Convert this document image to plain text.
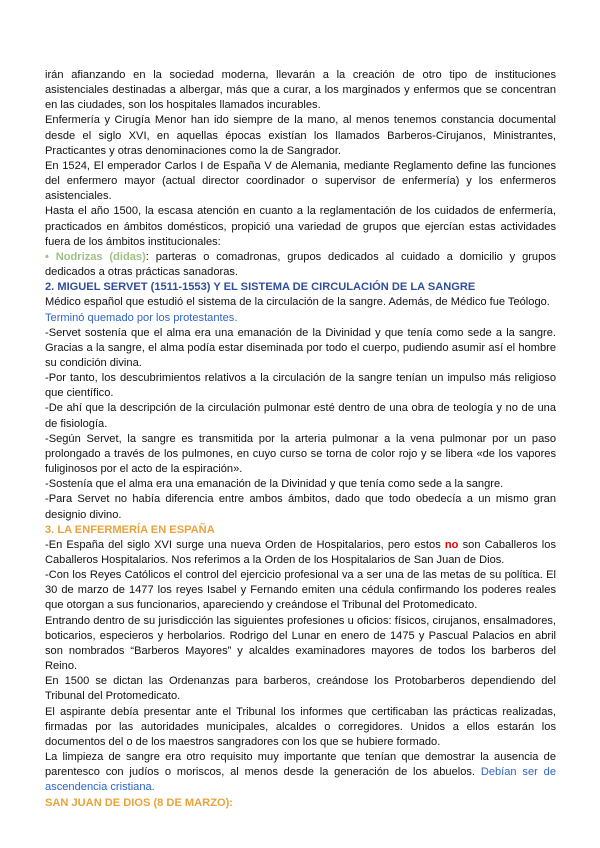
irán afianzando en la sociedad moderna, llevarán a la creación de otro tipo de instituciones asistenciales destinadas a albergar, más que a curar, a los marginados y enfermos que se concentran en las ciudades, son los hospitales llamados incurables.

Enfermería y Cirugía Menor han ido siempre de la mano, al menos tenemos constancia documental desde el siglo XVI, en aquellas épocas existían los llamados Barberos-Cirujanos, Ministrantes, Practicantes y otras denominaciones como la de Sangrador.

En 1524, El emperador Carlos I de España V de Alemania, mediante Reglamento define las funciones del enfermero mayor (actual director coordinador o supervisor de enfermería) y los enfermeros asistenciales.

Hasta el año 1500, la escasa atención en cuanto a la reglamentación de los cuidados de enfermería, practicados en ámbitos domésticos, propició una variedad de grupos que ejercían estas actividades fuera de los ámbitos institucionales:

• Nodrizas (didas): parteras o comadronas, grupos dedicados al cuidado a domicilio y grupos dedicados a otras prácticas sanadoras.

2. MIGUEL SERVET (1511-1553) Y EL SISTEMA DE CIRCULACIÓN DE LA SANGRE

Médico español que estudió el sistema de la circulación de la sangre. Además, de Médico fue Teólogo.

Terminó quemado por los protestantes.

-Servet sostenía que el alma era una emanación de la Divinidad y que tenía como sede a la sangre. Gracias a la sangre, el alma podía estar diseminada por todo el cuerpo, pudiendo asumir así el hombre su condición divina.

-Por tanto, los descubrimientos relativos a la circulación de la sangre tenían un impulso más religioso que científico.

-De ahí que la descripción de la circulación pulmonar esté dentro de una obra de teología y no de una de fisiología.

-Según Servet, la sangre es transmitida por la arteria pulmonar a la vena pulmonar por un paso prolongado a través de los pulmones, en cuyo curso se torna de color rojo y se libera «de los vapores fuliginosos por el acto de la espiración».

-Sostenía que el alma era una emanación de la Divinidad y que tenía como sede a la sangre.

-Para Servet no había diferencia entre ambos ámbitos, dado que todo obedecía a un mismo gran designio divino.

3. LA ENFERMERÍA EN ESPAÑA

-En España del siglo XVI surge una nueva Orden de Hospitalarios, pero estos no son Caballeros los Caballeros Hospitalarios. Nos referimos a la Orden de los Hospitalarios de San Juan de Dios.

-Con los Reyes Católicos el control del ejercicio profesional va a ser una de las metas de su política. El 30 de marzo de 1477 los reyes Isabel y Fernando emiten una cédula confirmando los poderes reales que otorgan a sus funcionarios, apareciendo y creándose el Tribunal del Protomedicato.

Entrando dentro de su jurisdicción las siguientes profesiones u oficios: físicos, cirujanos, ensalmadores, boticarios, especieros y herbolarios. Rodrigo del Lunar en enero de 1475 y Pascual Palacios en abril son nombrados “Barberos Mayores” y alcaldes examinadores mayores de todos los barberos del Reino.

En 1500 se dictan las Ordenanzas para barberos, creándose los Protobarberos dependiendo del Tribunal del Protomedicato.

El aspirante debía presentar ante el Tribunal los informes que certificaban las prácticas realizadas, firmadas por las autoridades municipales, alcaldes o corregidores. Unidos a ellos estarán los documentos del o de los maestros sangradores con los que se hubiere formado.

La limpieza de sangre era otro requisito muy importante que tenían que demostrar la ausencia de parentesco con judíos o moriscos, al menos desde la generación de los abuelos. Debían ser de ascendencia cristiana.

SAN JUAN DE DIOS (8 DE MARZO):
